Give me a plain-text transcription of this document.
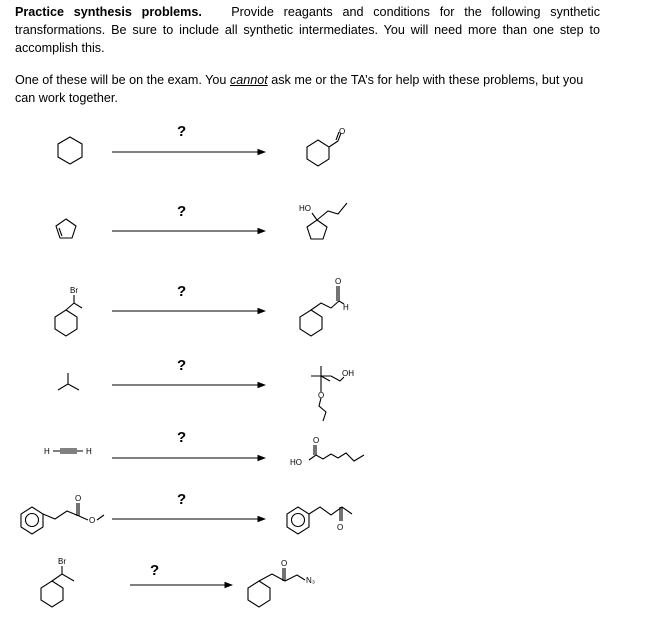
Practice synthesis problems. Provide reagants and conditions for the following synthetic transformations. Be sure to include all synthetic intermediates. You will need more than one step to accomplish this.
One of these will be on the exam. You cannot ask me or the TA’s for help with these problems, but you can work together.
?
?
?
?
?
?
?
O
HO
Br
O
H
OH
O
H	H
O
HO
O
O
O
Br	O
N₃
